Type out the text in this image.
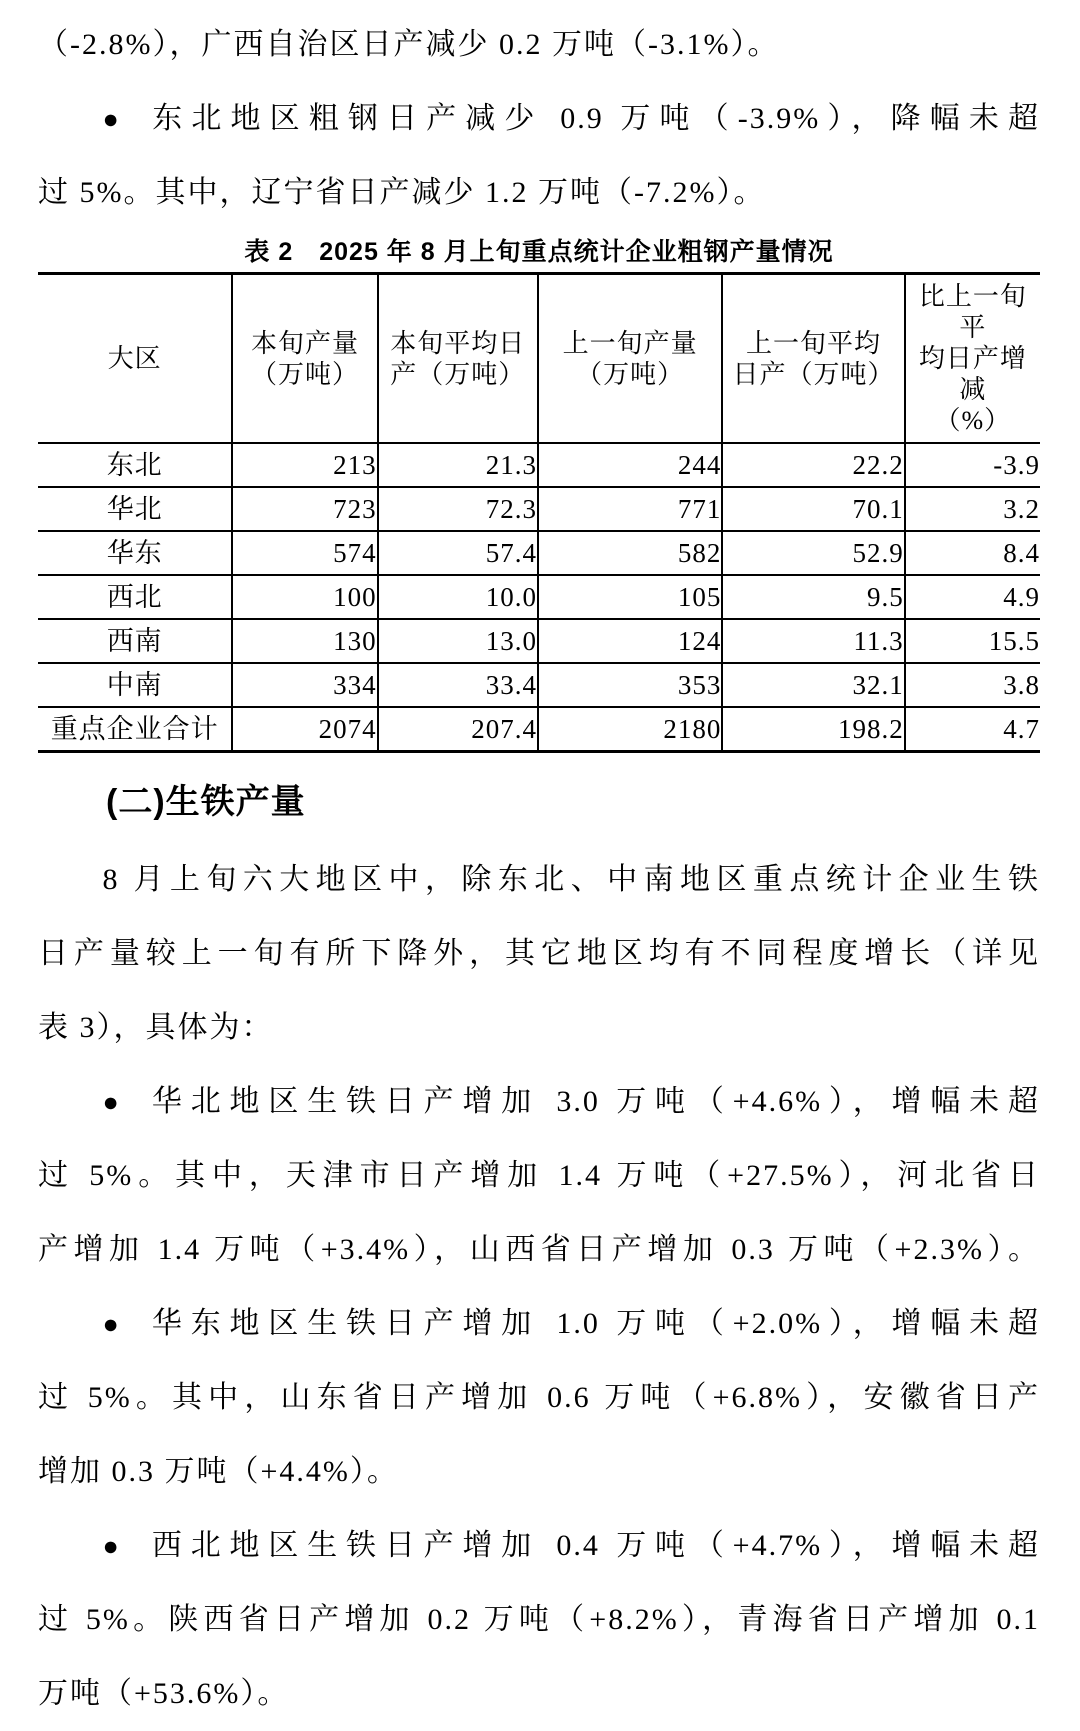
（-2.8%），广西自治区日产减少 0.2 万吨（-3.1%）。
● 东北地区粗钢日产减少 0.9 万吨（-3.9%），降幅未超
过 5%。其中，辽宁省日产减少 1.2 万吨（-7.2%）。
表 2　2025 年 8 月上旬重点统计企业粗钢产量情况
大区

本旬产量
（万吨）

本旬平均日
产（万吨）

上一旬产量
（万吨）

上一旬平均
日产（万吨）

比上一旬平
均日产增减
（%）

东北	213	21.3	244	22.2	-3.9
华北	723	72.3	771	70.1	3.2
华东	574	57.4	582	52.9	8.4
西北	100	10.0	105	9.5	4.9
西南	130	13.0	124	11.3	15.5
中南	334	33.4	353	32.1	3.8
重点企业合计	2074	207.4	2180	198.2	4.7
(二)生铁产量
8 月上旬六大地区中，除东北、中南地区重点统计企业生铁
日产量较上一旬有所下降外，其它地区均有不同程度增长（详见
表 3），具体为：
● 华北地区生铁日产增加 3.0 万吨（+4.6%），增幅未超
过 5%。其中，天津市日产增加 1.4 万吨（+27.5%），河北省日
产增加 1.4 万吨（+3.4%），山西省日产增加 0.3 万吨（+2.3%）。
● 华东地区生铁日产增加 1.0 万吨（+2.0%），增幅未超
过 5%。其中，山东省日产增加 0.6 万吨（+6.8%），安徽省日产
增加 0.3 万吨（+4.4%）。
● 西北地区生铁日产增加 0.4 万吨（+4.7%），增幅未超
过 5%。陕西省日产增加 0.2 万吨（+8.2%），青海省日产增加 0.1
万吨（+53.6%）。
